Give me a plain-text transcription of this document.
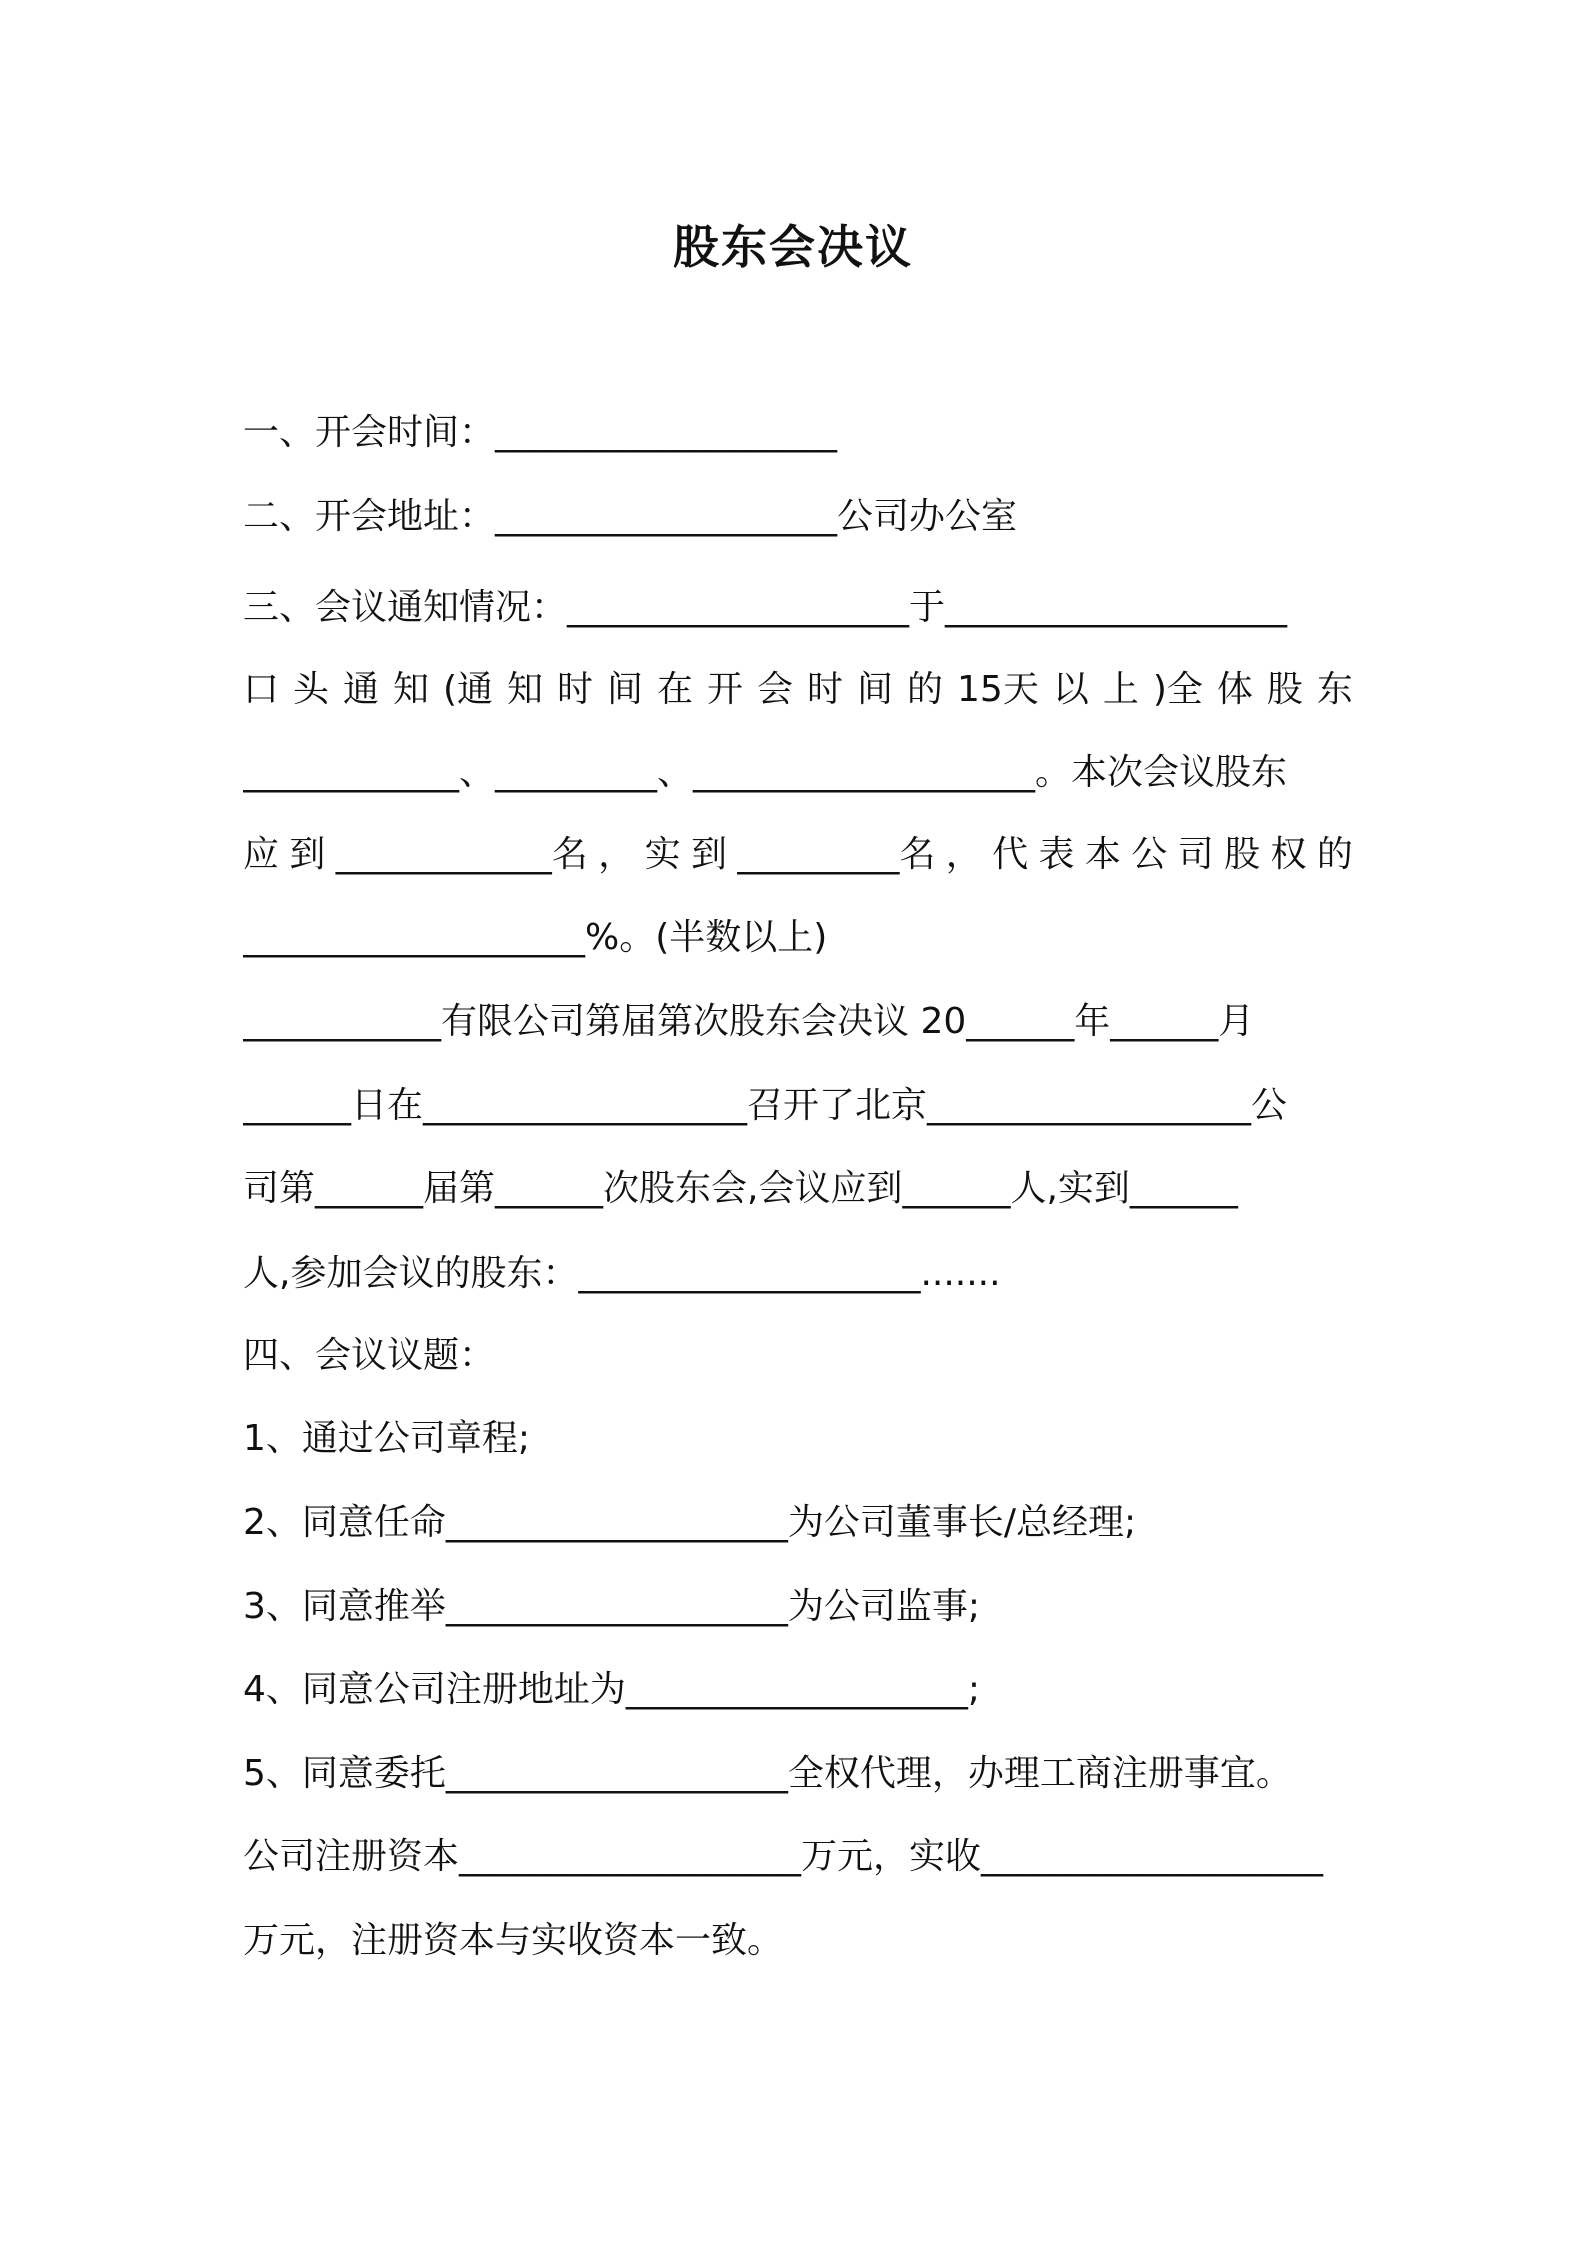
股东会决议
一、开会时间：___________________
二、开会地址：___________________公司办公室
三、会议通知情况：___________________于___________________
口 头 通 知 (通 知 时 间 在 开 会 时 间 的 15天 以 上 )全 体 股 东
____________、_________、___________________。本次会议股东
应 到 ____________名 ， 实 到 _________名 ， 代 表 本 公 司 股 权 的
___________________%。(半数以上)
___________有限公司第届第次股东会决议 20______年______月
______日在__________________召开了北京__________________公
司第______届第______次股东会,会议应到______人,实到______
人,参加会议的股东：___________________.......
四、会议议题：
1、通过公司章程;
2、同意任命___________________为公司董事长/总经理;
3、同意推举___________________为公司监事;
4、同意公司注册地址为___________________;
5、同意委托___________________全权代理，办理工商注册事宜。
公司注册资本___________________万元，实收___________________
万元，注册资本与实收资本一致。
